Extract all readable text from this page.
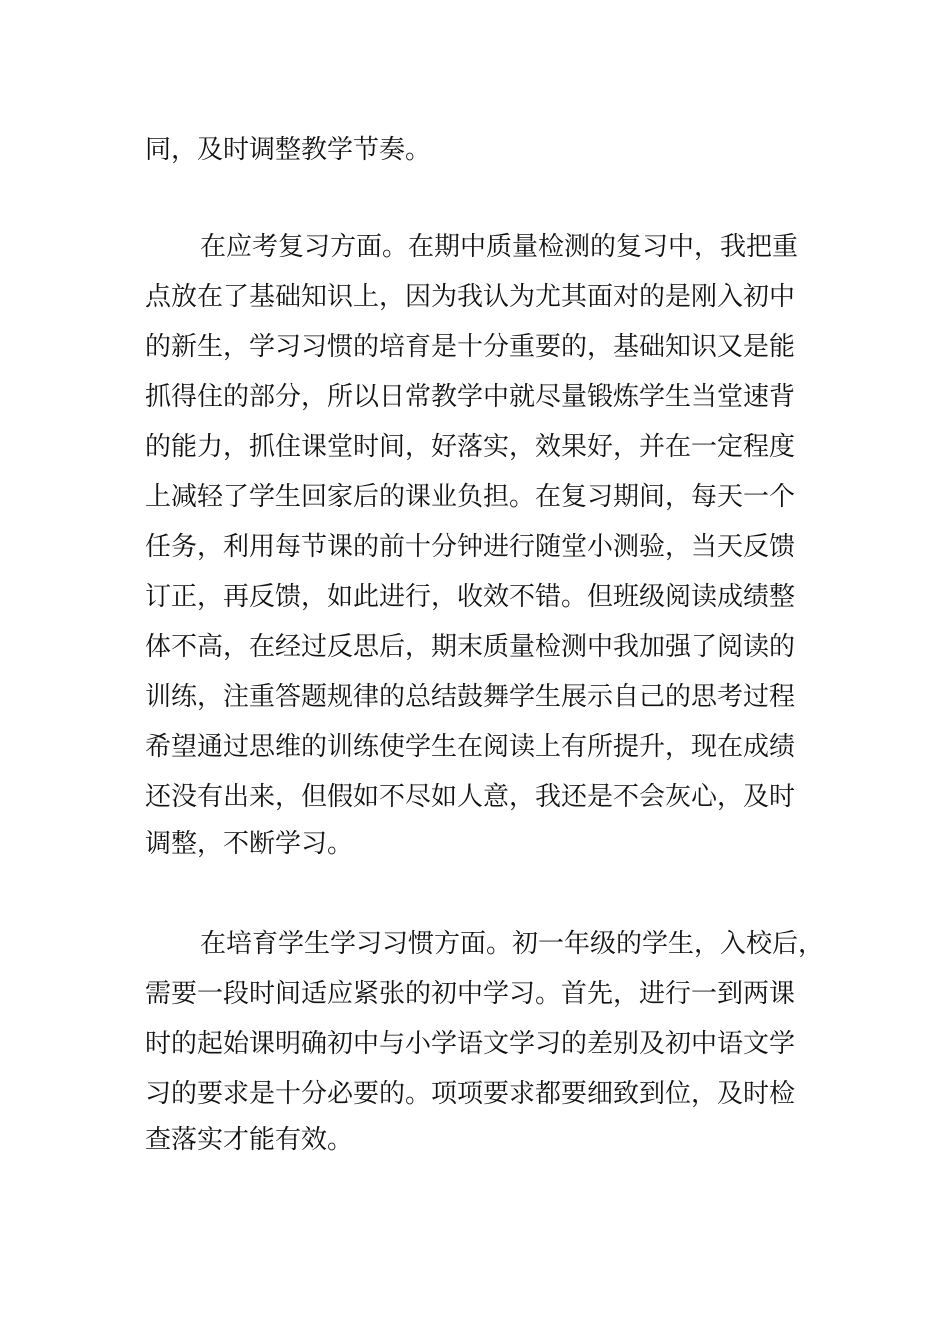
同，及时调整教学节奏。
在应考复习方面。在期中质量检测的复习中，我把重
点放在了基础知识上，因为我认为尤其面对的是刚入初中
的新生，学习习惯的培育是十分重要的，基础知识又是能
抓得住的部分，所以日常教学中就尽量锻炼学生当堂速背
的能力，抓住课堂时间，好落实，效果好，并在一定程度
上减轻了学生回家后的课业负担。在复习期间，每天一个
任务，利用每节课的前十分钟进行随堂小测验，当天反馈
订正，再反馈，如此进行，收效不错。但班级阅读成绩整
体不高，在经过反思后，期末质量检测中我加强了阅读的
训练，注重答题规律的总结鼓舞学生展示自己的思考过程
希望通过思维的训练使学生在阅读上有所提升，现在成绩
还没有出来，但假如不尽如人意，我还是不会灰心，及时
调整，不断学习。
在培育学生学习习惯方面。初一年级的学生，入校后，
需要一段时间适应紧张的初中学习。首先，进行一到两课
时的起始课明确初中与小学语文学习的差别及初中语文学
习的要求是十分必要的。项项要求都要细致到位，及时检
查落实才能有效。
